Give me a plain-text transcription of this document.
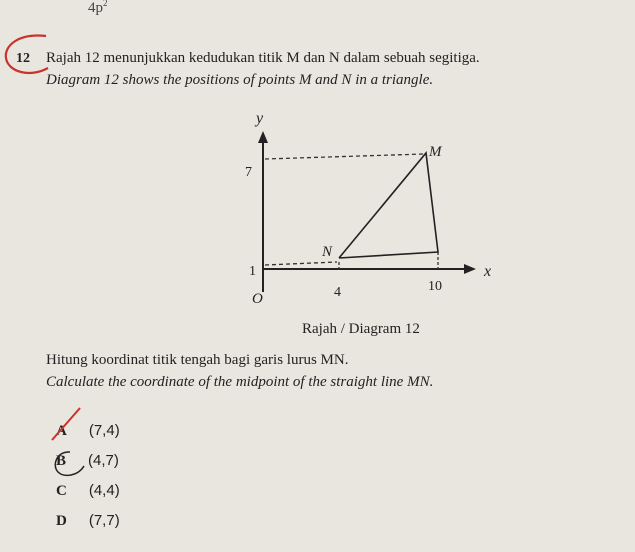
$4p^2$
12 Rajah 12 menunjukkan kedudukan titik M dan N dalam sebuah segitiga.
Diagram 12 shows the positions of points M and N in a triangle.
y
x
O
M
N
7
1
4	10
Rajah / Diagram 12
Hitung koordinat titik tengah bagi garis lurus MN.
Calculate the coordinate of the midpoint of the straight line MN.
A (7,4)
B (4,7)
C (4,4)
D (7,7)
